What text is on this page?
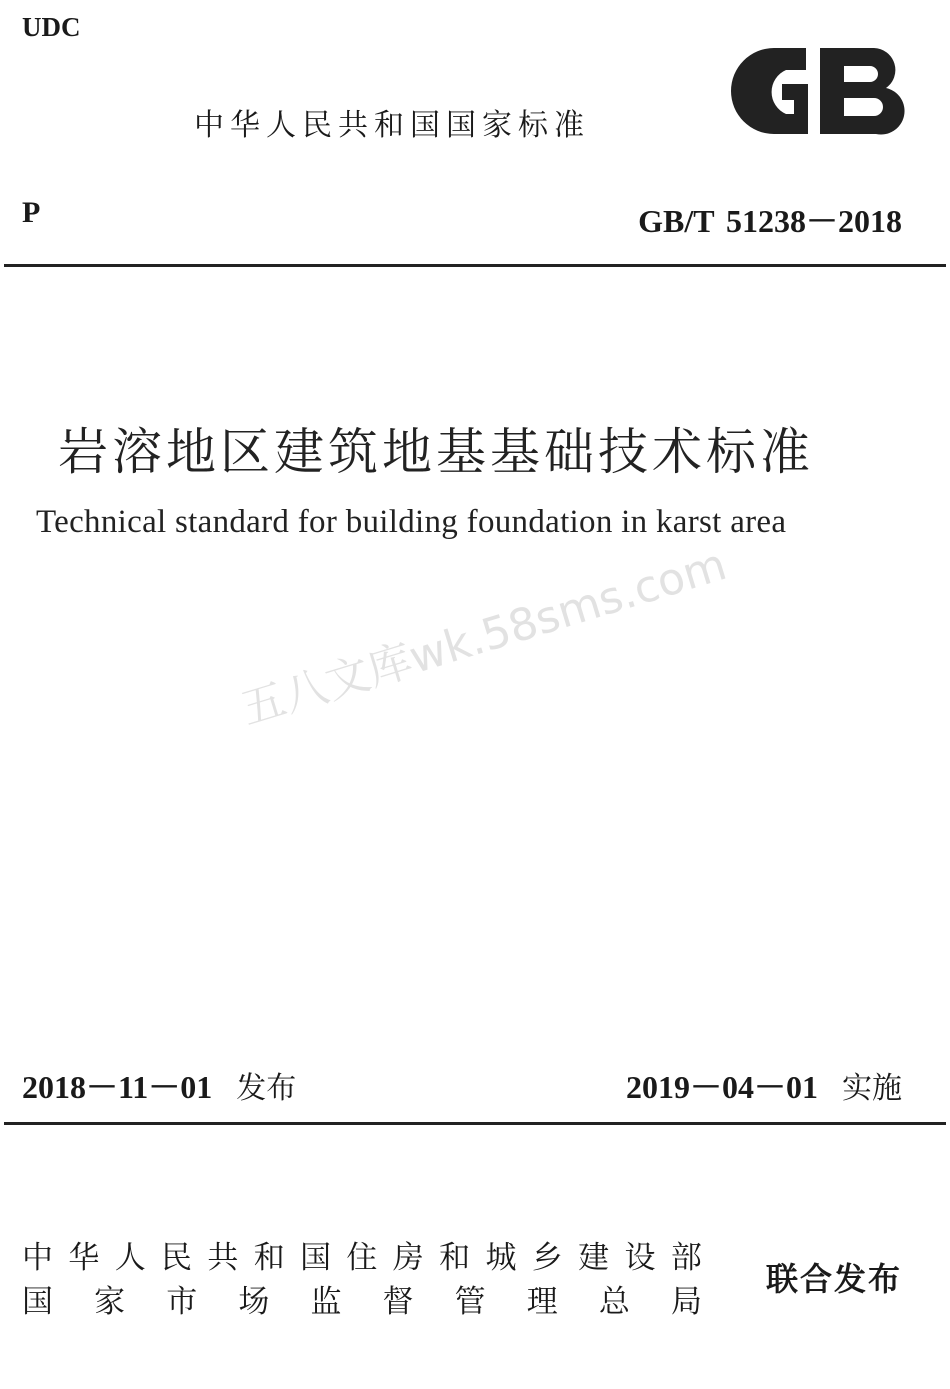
UDC
中华人民共和国国家标准
GB
P	GB/T 51238－2018
岩溶地区建筑地基基础技术标准
Technical standard for building foundation in karst area
五八文库wk.58sms.com
2018－11－01 发布	2019－04－01 实施
中 华 人 民 共 和 国 住 房 和 城 乡 建 设 部
国 家 市 场 监 督 管 理 总 局
联合发布
